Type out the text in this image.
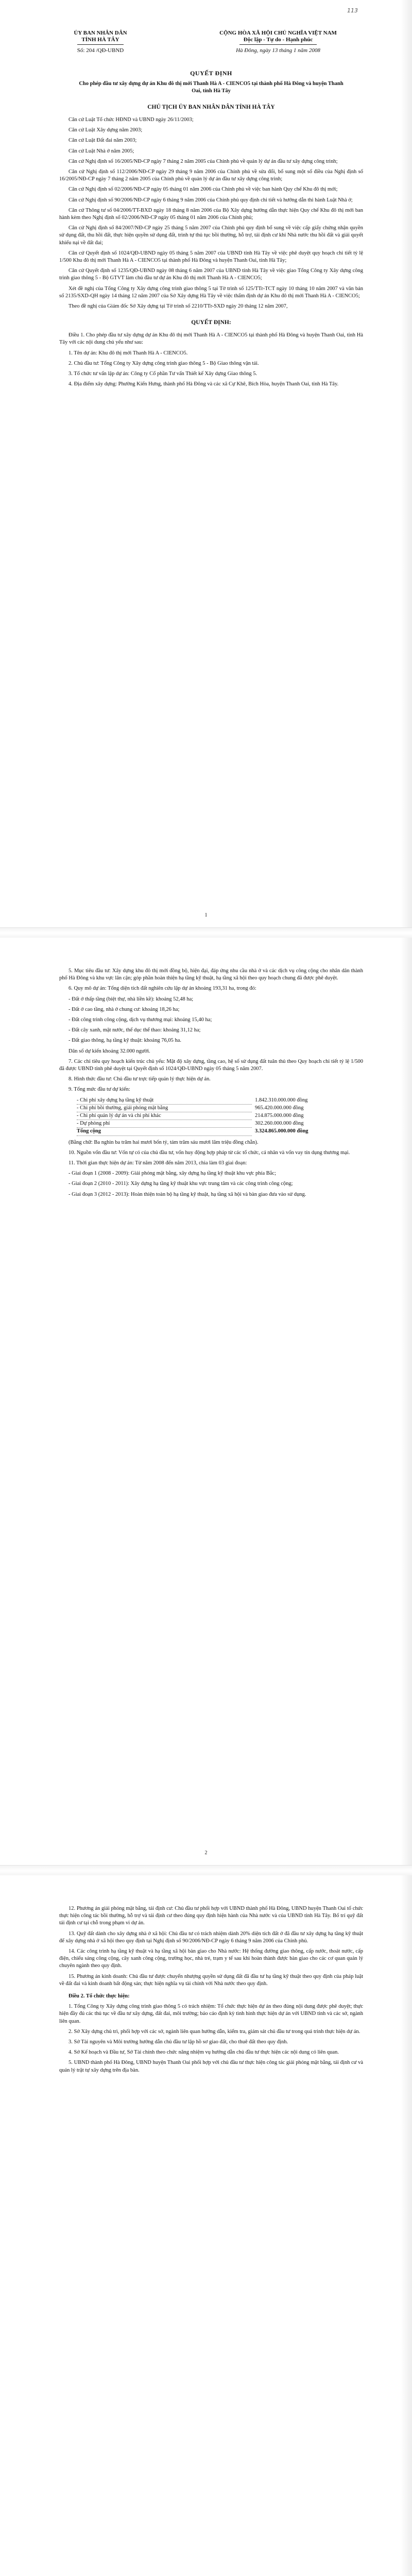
113
ỦY BAN NHÂN DÂN
TỈNH HÀ TÂY
Số: 204 /QĐ-UBND
CỘNG HÒA XÃ HỘI CHỦ NGHĨA VIỆT NAM
Độc lập - Tự do - Hạnh phúc
Hà Đông, ngày 13 tháng 1 năm 2008
QUYẾT ĐỊNH
Cho phép đầu tư xây dựng dự án Khu đô thị mới Thanh Hà A - CIENCO5 tại thành phố Hà Đông và huyện Thanh Oai, tỉnh Hà Tây
CHỦ TỊCH ỦY BAN NHÂN DÂN TỈNH HÀ TÂY

Căn cứ Luật Tổ chức HĐND và UBND ngày 26/11/2003;

Căn cứ Luật Xây dựng năm 2003;

Căn cứ Luật Đất đai năm 2003;

Căn cứ Luật Nhà ở năm 2005;

Căn cứ Nghị định số 16/2005/NĐ-CP ngày 7 tháng 2 năm 2005 của Chính phủ về quản lý dự án đầu tư xây dựng công trình;

Căn cứ Nghị định số 112/2006/NĐ-CP ngày 29 tháng 9 năm 2006 của Chính phủ về sửa đổi, bổ sung một số điều của Nghị định số 16/2005/NĐ-CP ngày 7 tháng 2 năm 2005 của Chính phủ về quản lý dự án đầu tư xây dựng công trình;

Căn cứ Nghị định số 02/2006/NĐ-CP ngày 05 tháng 01 năm 2006 của Chính phủ về việc ban hành Quy chế Khu đô thị mới;

Căn cứ Nghị định số 90/2006/NĐ-CP ngày 6 tháng 9 năm 2006 của Chính phủ quy định chi tiết và hướng dẫn thi hành Luật Nhà ở;

Căn cứ Thông tư số 04/2006/TT-BXD ngày 18 tháng 8 năm 2006 của Bộ Xây dựng hướng dẫn thực hiện Quy chế Khu đô thị mới ban hành kèm theo Nghị định số 02/2006/NĐ-CP ngày 05 tháng 01 năm 2006 của Chính phủ;

Căn cứ Nghị định số 84/2007/NĐ-CP ngày 25 tháng 5 năm 2007 của Chính phủ quy định bổ sung về việc cấp giấy chứng nhận quyền sử dụng đất, thu hồi đất, thực hiện quyền sử dụng đất, trình tự thủ tục bồi thường, hỗ trợ, tái định cư khi Nhà nước thu hồi đất và giải quyết khiếu nại về đất đai;

Căn cứ Quyết định số 1024/QĐ-UBND ngày 05 tháng 5 năm 2007 của UBND tỉnh Hà Tây về việc phê duyệt quy hoạch chi tiết tỷ lệ 1/500 Khu đô thị mới Thanh Hà A - CIENCO5 tại thành phố Hà Đông và huyện Thanh Oai, tỉnh Hà Tây;

Căn cứ Quyết định số 1235/QĐ-UBND ngày 08 tháng 6 năm 2007 của UBND tỉnh Hà Tây về việc giao Tổng Công ty Xây dựng công trình giao thông 5 - Bộ GTVT làm chủ đầu tư dự án Khu đô thị mới Thanh Hà A - CIENCO5;

Xét đề nghị của Tổng Công ty Xây dựng công trình giao thông 5 tại Tờ trình số 125/TTr-TCT ngày 10 tháng 10 năm 2007 và văn bản số 2135/SXD-QH ngày 14 tháng 12 năm 2007 của Sở Xây dựng Hà Tây về việc thẩm định dự án Khu đô thị mới Thanh Hà A - CIENCO5;

Theo đề nghị của Giám đốc Sở Xây dựng tại Tờ trình số 2210/TTr-SXD ngày 20 tháng 12 năm 2007,

QUYẾT ĐỊNH:

Điều 1. Cho phép đầu tư xây dựng dự án Khu đô thị mới Thanh Hà A - CIENCO5 tại thành phố Hà Đông và huyện Thanh Oai, tỉnh Hà Tây với các nội dung chủ yếu như sau:

1. Tên dự án: Khu đô thị mới Thanh Hà A - CIENCO5.

2. Chủ đầu tư: Tổng Công ty Xây dựng công trình giao thông 5 - Bộ Giao thông vận tải.

3. Tổ chức tư vấn lập dự án: Công ty Cổ phần Tư vấn Thiết kế Xây dựng Giao thông 5.

4. Địa điểm xây dựng: Phường Kiến Hưng, thành phố Hà Đông và các xã Cự Khê, Bích Hòa, huyện Thanh Oai, tỉnh Hà Tây.

1

5. Mục tiêu đầu tư: Xây dựng khu đô thị mới đồng bộ, hiện đại, đáp ứng nhu cầu nhà ở và các dịch vụ công cộng cho nhân dân thành phố Hà Đông và khu vực lân cận; góp phần hoàn thiện hạ tầng kỹ thuật, hạ tầng xã hội theo quy hoạch chung đã được phê duyệt.

6. Quy mô dự án: Tổng diện tích đất nghiên cứu lập dự án khoảng 193,31 ha, trong đó:

- Đất ở thấp tầng (biệt thự, nhà liền kề): khoảng 52,48 ha;

- Đất ở cao tầng, nhà ở chung cư: khoảng 18,26 ha;

- Đất công trình công cộng, dịch vụ thương mại: khoảng 15,40 ha;

- Đất cây xanh, mặt nước, thể dục thể thao: khoảng 31,12 ha;

- Đất giao thông, hạ tầng kỹ thuật: khoảng 76,05 ha.

Dân số dự kiến khoảng 32.000 người.

7. Các chỉ tiêu quy hoạch kiến trúc chủ yếu: Mật độ xây dựng, tầng cao, hệ số sử dụng đất tuân thủ theo Quy hoạch chi tiết tỷ lệ 1/500 đã được UBND tỉnh phê duyệt tại Quyết định số 1024/QĐ-UBND ngày 05 tháng 5 năm 2007.

8. Hình thức đầu tư: Chủ đầu tư trực tiếp quản lý thực hiện dự án.

9. Tổng mức đầu tư dự kiến:

- Chi phí xây dựng hạ tầng kỹ thuật	1.842.310.000.000 đồng
- Chi phí bồi thường, giải phóng mặt bằng	965.420.000.000 đồng
- Chi phí quản lý dự án và chi phí khác	214.875.000.000 đồng
- Dự phòng phí	302.260.000.000 đồng
Tổng cộng	3.324.865.000.000 đồng

(Bằng chữ: Ba nghìn ba trăm hai mươi bốn tỷ, tám trăm sáu mươi lăm triệu đồng chẵn).

10. Nguồn vốn đầu tư: Vốn tự có của chủ đầu tư, vốn huy động hợp pháp từ các tổ chức, cá nhân và vốn vay tín dụng thương mại.

11. Thời gian thực hiện dự án: Từ năm 2008 đến năm 2013, chia làm 03 giai đoạn:

- Giai đoạn 1 (2008 - 2009): Giải phóng mặt bằng, xây dựng hạ tầng kỹ thuật khu vực phía Bắc;

- Giai đoạn 2 (2010 - 2011): Xây dựng hạ tầng kỹ thuật khu vực trung tâm và các công trình công cộng;

- Giai đoạn 3 (2012 - 2013): Hoàn thiện toàn bộ hạ tầng kỹ thuật, hạ tầng xã hội và bàn giao đưa vào sử dụng.

2

12. Phương án giải phóng mặt bằng, tái định cư: Chủ đầu tư phối hợp với UBND thành phố Hà Đông, UBND huyện Thanh Oai tổ chức thực hiện công tác bồi thường, hỗ trợ và tái định cư theo đúng quy định hiện hành của Nhà nước và của UBND tỉnh Hà Tây. Bố trí quỹ đất tái định cư tại chỗ trong phạm vi dự án.

13. Quỹ đất dành cho xây dựng nhà ở xã hội: Chủ đầu tư có trách nhiệm dành 20% diện tích đất ở đã đầu tư xây dựng hạ tầng kỹ thuật để xây dựng nhà ở xã hội theo quy định tại Nghị định số 90/2006/NĐ-CP ngày 6 tháng 9 năm 2006 của Chính phủ.

14. Các công trình hạ tầng kỹ thuật và hạ tầng xã hội bàn giao cho Nhà nước: Hệ thống đường giao thông, cấp nước, thoát nước, cấp điện, chiếu sáng công cộng, cây xanh công cộng, trường học, nhà trẻ, trạm y tế sau khi hoàn thành được bàn giao cho các cơ quan quản lý chuyên ngành theo quy định.

15. Phương án kinh doanh: Chủ đầu tư được chuyển nhượng quyền sử dụng đất đã đầu tư hạ tầng kỹ thuật theo quy định của pháp luật về đất đai và kinh doanh bất động sản; thực hiện nghĩa vụ tài chính với Nhà nước theo quy định.

Điều 2. Tổ chức thực hiện:

1. Tổng Công ty Xây dựng công trình giao thông 5 có trách nhiệm: Tổ chức thực hiện dự án theo đúng nội dung được phê duyệt; thực hiện đầy đủ các thủ tục về đầu tư xây dựng, đất đai, môi trường; báo cáo định kỳ tình hình thực hiện dự án với UBND tỉnh và các sở, ngành liên quan.

2. Sở Xây dựng chủ trì, phối hợp với các sở, ngành liên quan hướng dẫn, kiểm tra, giám sát chủ đầu tư trong quá trình thực hiện dự án.

3. Sở Tài nguyên và Môi trường hướng dẫn chủ đầu tư lập hồ sơ giao đất, cho thuê đất theo quy định.

4. Sở Kế hoạch và Đầu tư, Sở Tài chính theo chức năng nhiệm vụ hướng dẫn chủ đầu tư thực hiện các nội dung có liên quan.

5. UBND thành phố Hà Đông, UBND huyện Thanh Oai phối hợp với chủ đầu tư thực hiện công tác giải phóng mặt bằng, tái định cư và quản lý trật tự xây dựng trên địa bàn.
